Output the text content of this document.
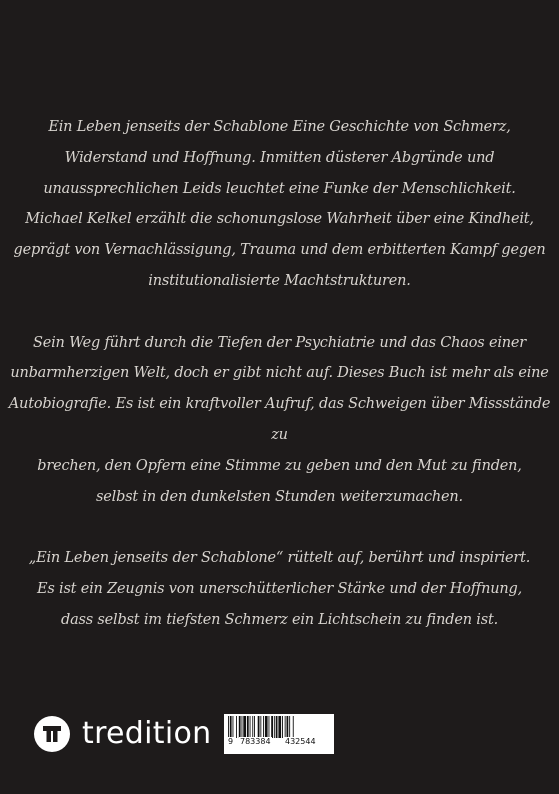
Ein Leben jenseits der Schablone Eine Geschichte von Schmerz,

Widerstand und Hoffnung. Inmitten düsterer Abgründe und

unaussprechlichen Leids leuchtet eine Funke der Menschlichkeit.

Michael Kelkel erzählt die schonungslose Wahrheit über eine Kindheit,

geprägt von Vernachlässigung, Trauma und dem erbitterten Kampf gegen

institutionalisierte Machtstrukturen.

Sein Weg führt durch die Tiefen der Psychiatrie und das Chaos einer

unbarmherzigen Welt, doch er gibt nicht auf. Dieses Buch ist mehr als eine

Autobiografie. Es ist ein kraftvoller Aufruf, das Schweigen über Missstände zu

brechen, den Opfern eine Stimme zu geben und den Mut zu finden,

selbst in den dunkelsten Stunden weiterzumachen.

„Ein Leben jenseits der Schablone“ rüttelt auf, berührt und inspiriert.

Es ist ein Zeugnis von unerschütterlicher Stärke und der Hoffnung,

dass selbst im tiefsten Schmerz ein Lichtschein zu finden ist.

tredition 9 783384 432544
